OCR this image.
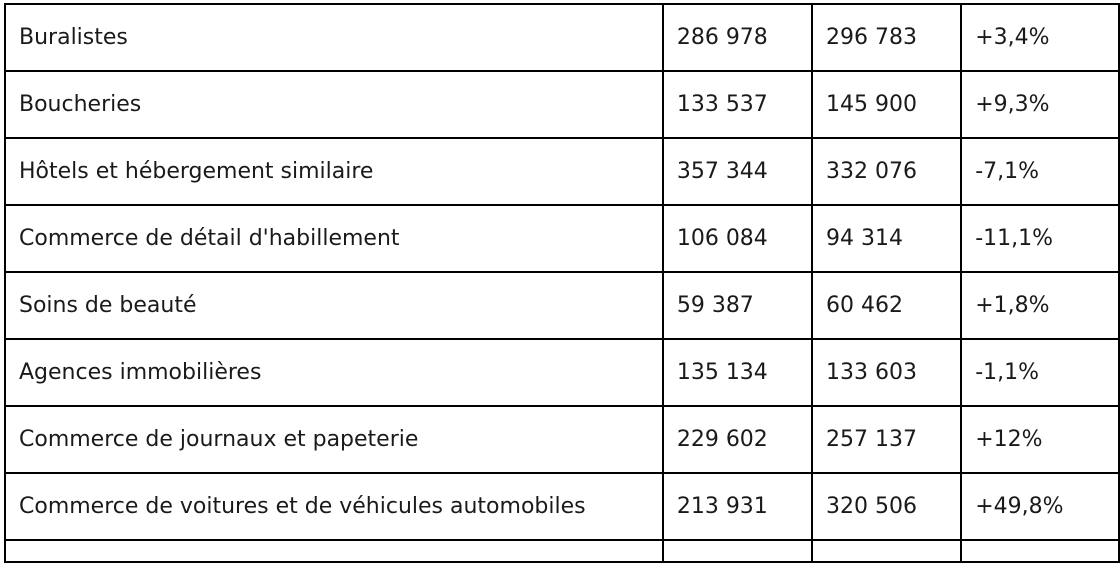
Buralistes	286 978	296 783	+3,4%
Boucheries	133 537	145 900	+9,3%
Hôtels et hébergement similaire	357 344	332 076	-7,1%
Commerce de détail d'habillement	106 084	94 314	-11,1%
Soins de beauté	59 387	60 462	+1,8%
Agences immobilières	135 134	133 603	-1,1%
Commerce de journaux et papeterie	229 602	257 137	+12%
Commerce de voitures et de véhicules automobiles	213 931	320 506	+49,8%
